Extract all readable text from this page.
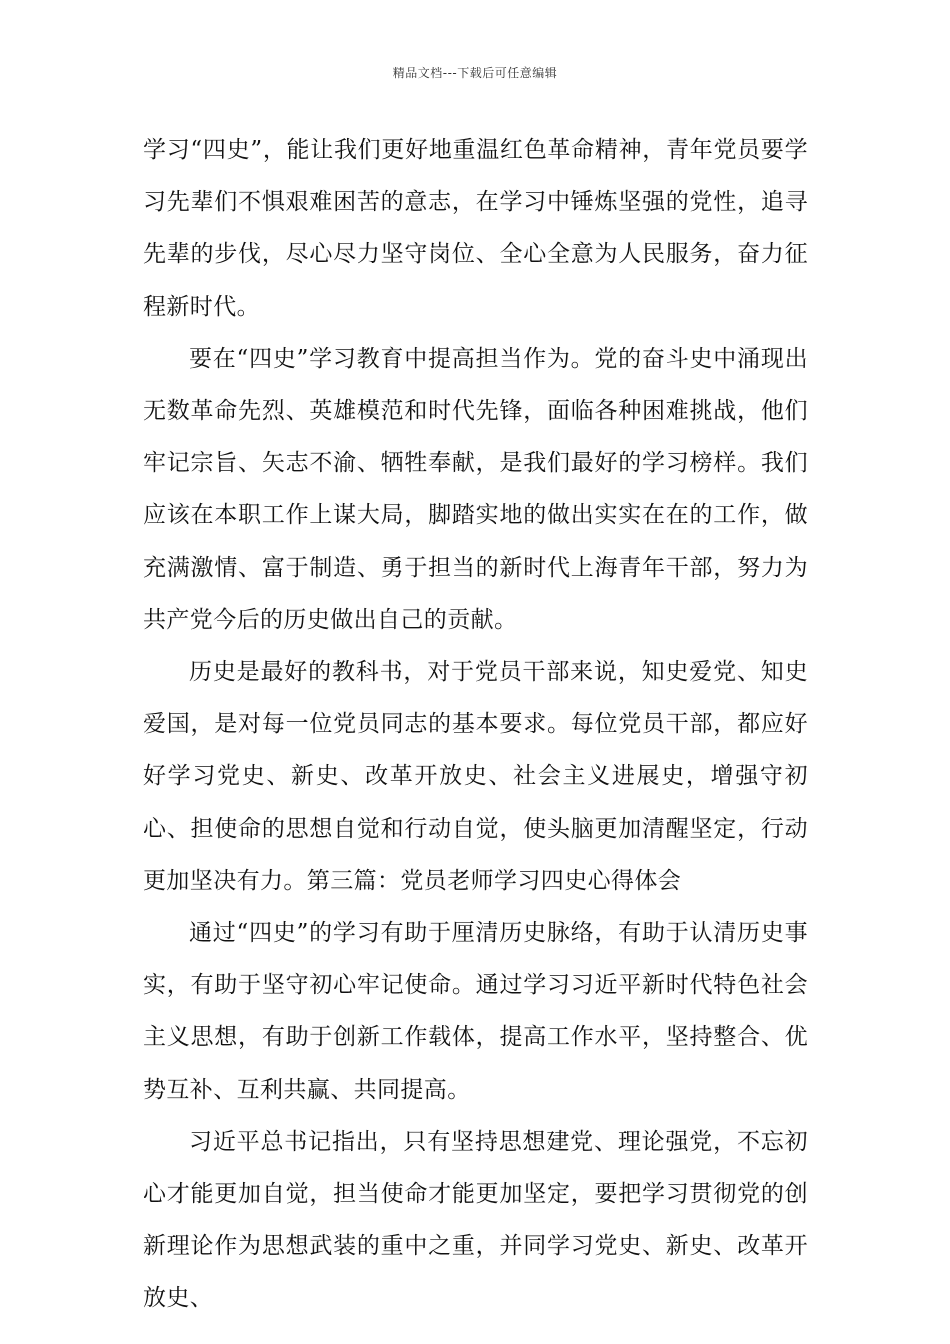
精品文档---下载后可任意编辑

学习“四史”，能让我们更好地重温红色革命精神，青年党员要学习先辈们不惧艰难困苦的意志，在学习中锤炼坚强的党性，追寻先辈的步伐，尽心尽力坚守岗位、全心全意为人民服务，奋力征程新时代。

要在“四史”学习教育中提高担当作为。党的奋斗史中涌现出无数革命先烈、英雄模范和时代先锋，面临各种困难挑战，他们牢记宗旨、矢志不渝、牺牲奉献，是我们最好的学习榜样。我们应该在本职工作上谋大局，脚踏实地的做出实实在在的工作，做充满激情、富于制造、勇于担当的新时代上海青年干部，努力为共产党今后的历史做出自己的贡献。

历史是最好的教科书，对于党员干部来说，知史爱党、知史爱国，是对每一位党员同志的基本要求。每位党员干部，都应好好学习党史、新史、改革开放史、社会主义进展史，增强守初心、担使命的思想自觉和行动自觉，使头脑更加清醒坚定，行动更加坚决有力。第三篇：党员老师学习四史心得体会

通过“四史”的学习有助于厘清历史脉络，有助于认清历史事实，有助于坚守初心牢记使命。通过学习习近平新时代特色社会主义思想，有助于创新工作载体，提高工作水平，坚持整合、优势互补、互利共赢、共同提高。

习近平总书记指出，只有坚持思想建党、理论强党，不忘初心才能更加自觉，担当使命才能更加坚定，要把学习贯彻党的创新理论作为思想武装的重中之重，并同学习党史、新史、改革开放史、
